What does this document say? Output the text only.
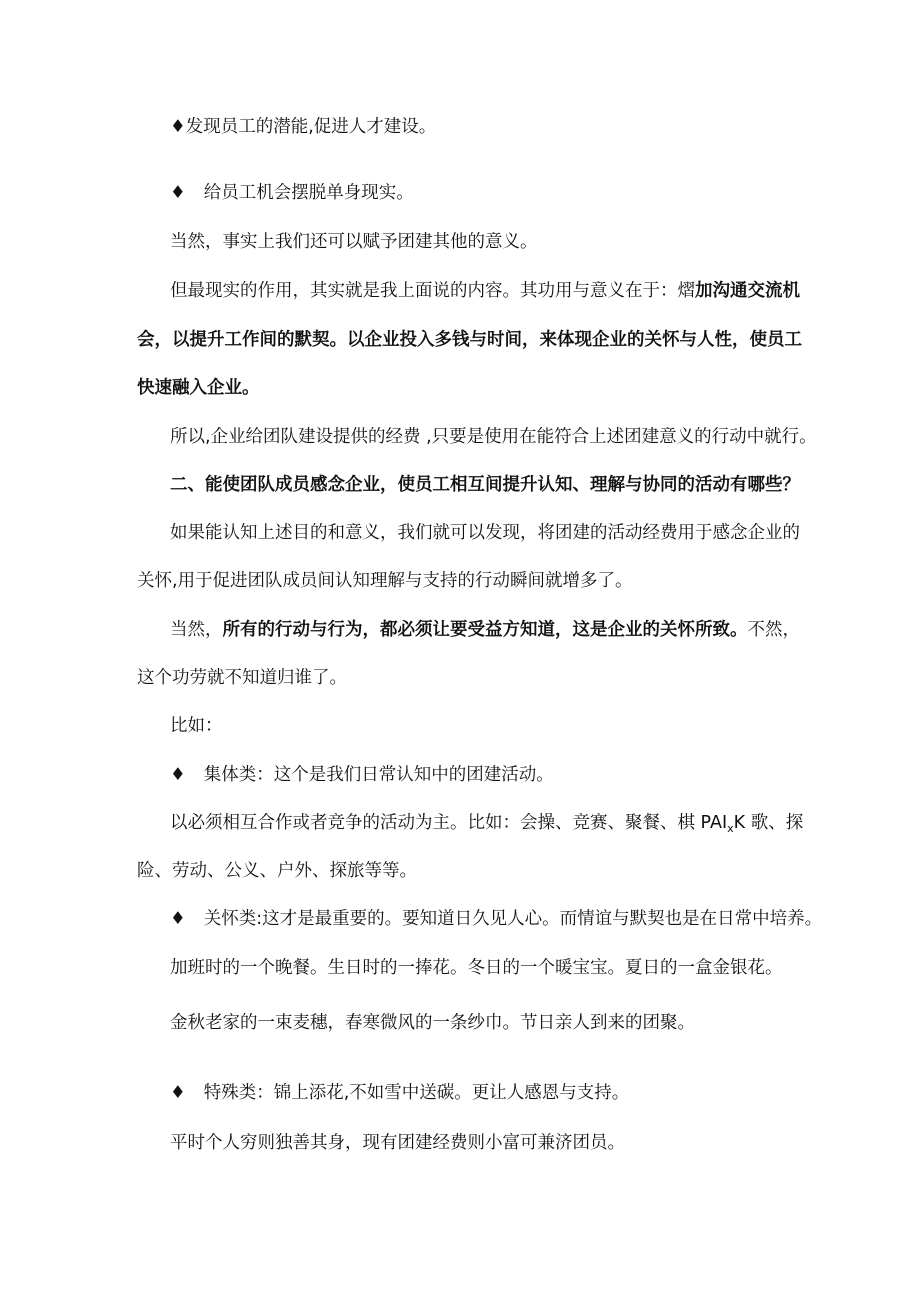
♦发现员工的潜能,促进人才建设。
♦ 给员工机会摆脱单身现实。
当然，事实上我们还可以赋予团建其他的意义。
但最现实的作用，其实就是我上面说的内容。其功用与意义在于：熠加沟通交流机
会，以提升工作间的默契。以企业投入多钱与时间，来体现企业的关怀与人性，使员工
快速融入企业。
所以,企业给团队建设提供的经费 ,只要是使用在能符合上述团建意义的行动中就行。
二、能使团队成员感念企业，使员工相互间提升认知、理解与协同的活动有哪些？
如果能认知上述目的和意义，我们就可以发现，将团建的活动经费用于感念企业的
关怀,用于促进团队成员间认知理解与支持的行动瞬间就增多了。
当然，所有的行动与行为，都必须让要受益方知道，这是企业的关怀所致。不然，
这个功劳就不知道归谁了。
比如：
♦ 集体类：这个是我们日常认知中的团建活动。
以必须相互合作或者竞争的活动为主。比如：会操、竞赛、聚餐、棋 $PAI_xK$ 歌、探
险、劳动、公义、户外、探旅等等。
♦ 关怀类:这才是最重要的。要知道日久见人心。而情谊与默契也是在日常中培养。
加班时的一个晚餐。生日时的一捧花。冬日的一个暖宝宝。夏日的一盒金银花。
金秋老家的一束麦穗，春寒微风的一条纱巾。节日亲人到来的团聚。
♦ 特殊类：锦上添花,不如雪中送碳。更让人感恩与支持。
平时个人穷则独善其身，现有团建经费则小富可兼济团员。
